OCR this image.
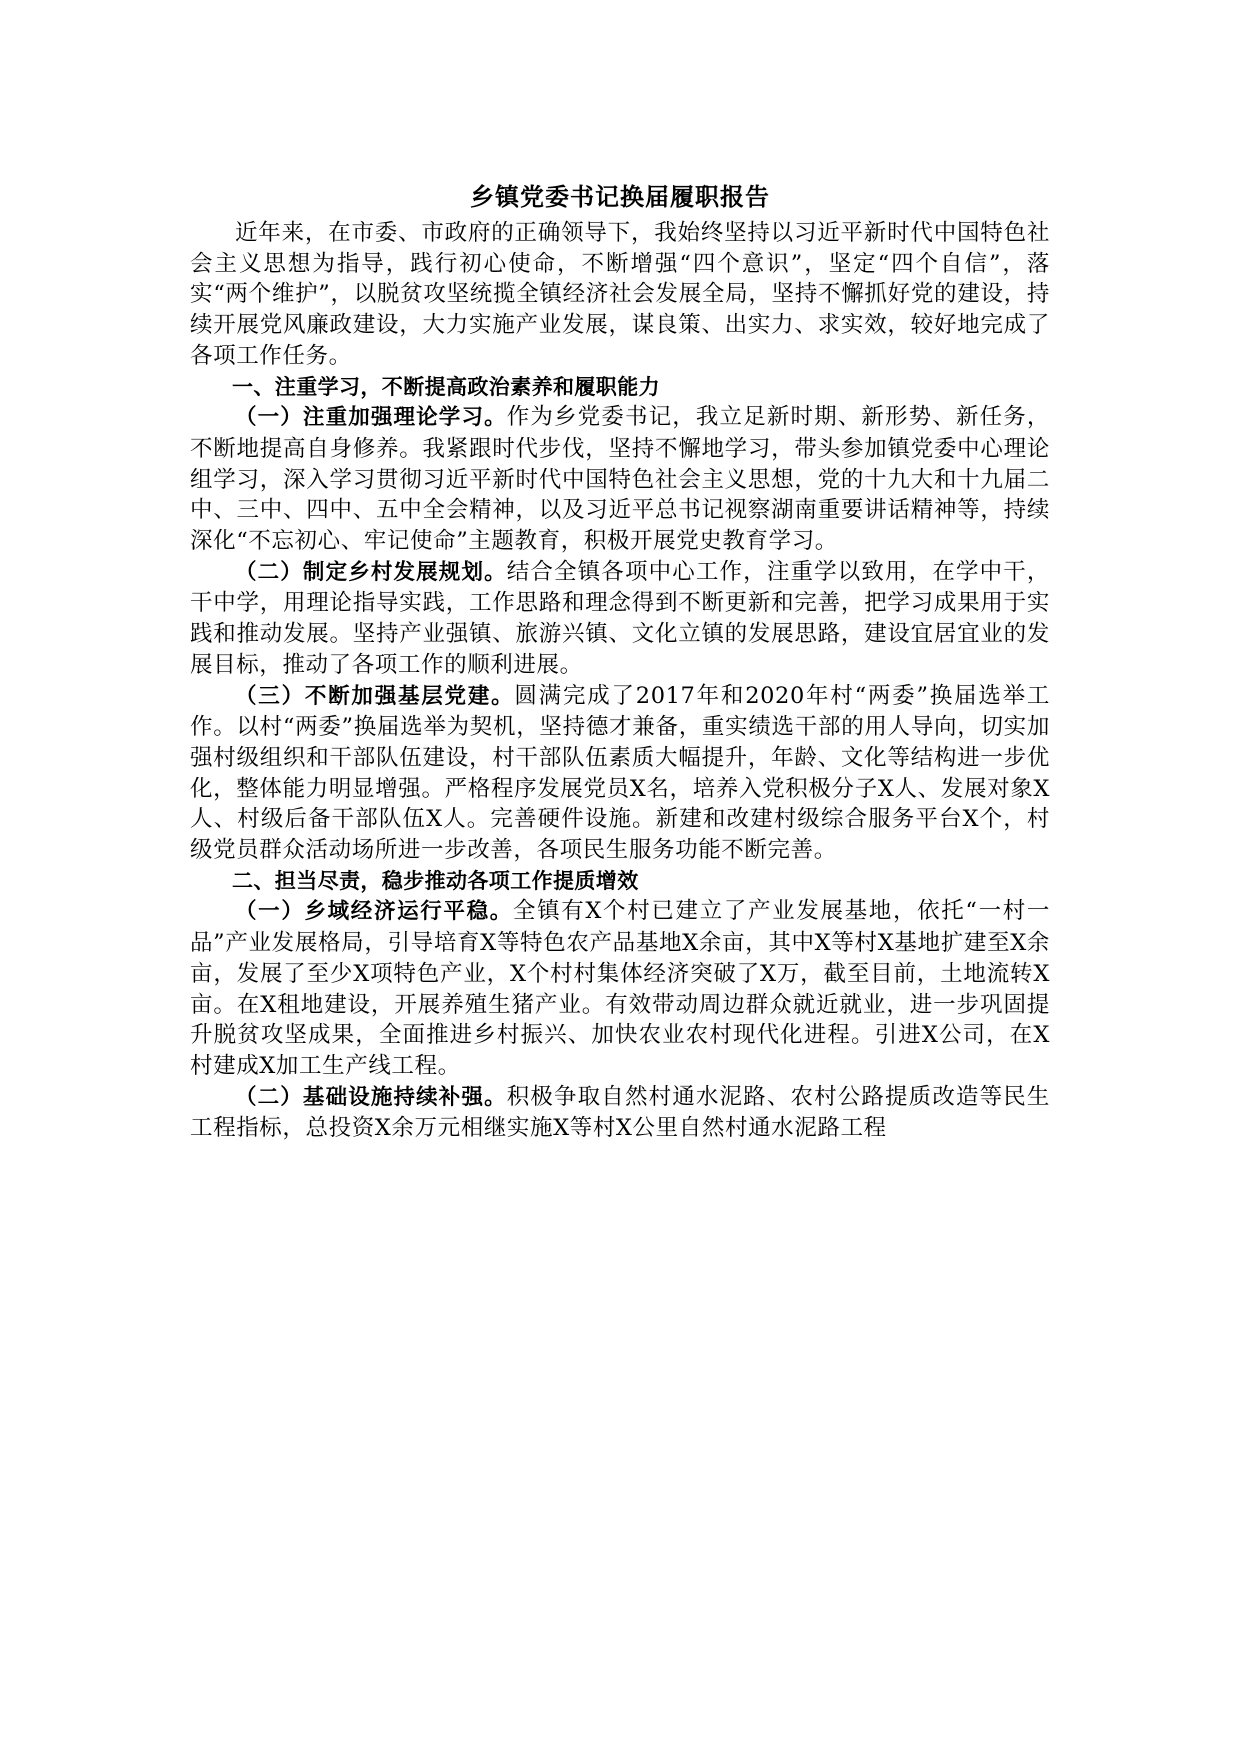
乡镇党委书记换届履职报告

近年来，在市委、市政府的正确领导下，我始终坚持以习近平新时代中国特色社会主义思想为指导，践行初心使命，不断增强“四个意识”，坚定“四个自信”，落实“两个维护”，以脱贫攻坚统揽全镇经济社会发展全局，坚持不懈抓好党的建设，持续开展党风廉政建设，大力实施产业发展，谋良策、出实力、求实效，较好地完成了各项工作任务。

一、注重学习，不断提高政治素养和履职能力

（一）注重加强理论学习。作为乡党委书记，我立足新时期、新形势、新任务，不断地提高自身修养。我紧跟时代步伐，坚持不懈地学习，带头参加镇党委中心理论组学习，深入学习贯彻习近平新时代中国特色社会主义思想，党的十九大和十九届二中、三中、四中、五中全会精神，以及习近平总书记视察湖南重要讲话精神等，持续深化“不忘初心、牢记使命”主题教育，积极开展党史教育学习。

（二）制定乡村发展规划。结合全镇各项中心工作，注重学以致用，在学中干，干中学，用理论指导实践，工作思路和理念得到不断更新和完善，把学习成果用于实践和推动发展。坚持产业强镇、旅游兴镇、文化立镇的发展思路，建设宜居宜业的发展目标，推动了各项工作的顺利进展。

（三）不断加强基层党建。圆满完成了2017年和2020年村“两委”换届选举工作。以村“两委”换届选举为契机，坚持德才兼备，重实绩选干部的用人导向，切实加强村级组织和干部队伍建设，村干部队伍素质大幅提升，年龄、文化等结构进一步优化，整体能力明显增强。严格程序发展党员X名，培养入党积极分子X人、发展对象X人、村级后备干部队伍X人。完善硬件设施。新建和改建村级综合服务平台X个，村级党员群众活动场所进一步改善，各项民生服务功能不断完善。

二、担当尽责，稳步推动各项工作提质增效

（一）乡域经济运行平稳。全镇有X个村已建立了产业发展基地，依托“一村一品”产业发展格局，引导培育X等特色农产品基地X余亩，其中X等村X基地扩建至X余亩，发展了至少X项特色产业，X个村村集体经济突破了X万，截至目前，土地流转X亩。在X租地建设，开展养殖生猪产业。有效带动周边群众就近就业，进一步巩固提升脱贫攻坚成果，全面推进乡村振兴、加快农业农村现代化进程。引进X公司，在X村建成X加工生产线工程。

（二）基础设施持续补强。积极争取自然村通水泥路、农村公路提质改造等民生工程指标，总投资X余万元相继实施X等村X公里自然村通水泥路工程
